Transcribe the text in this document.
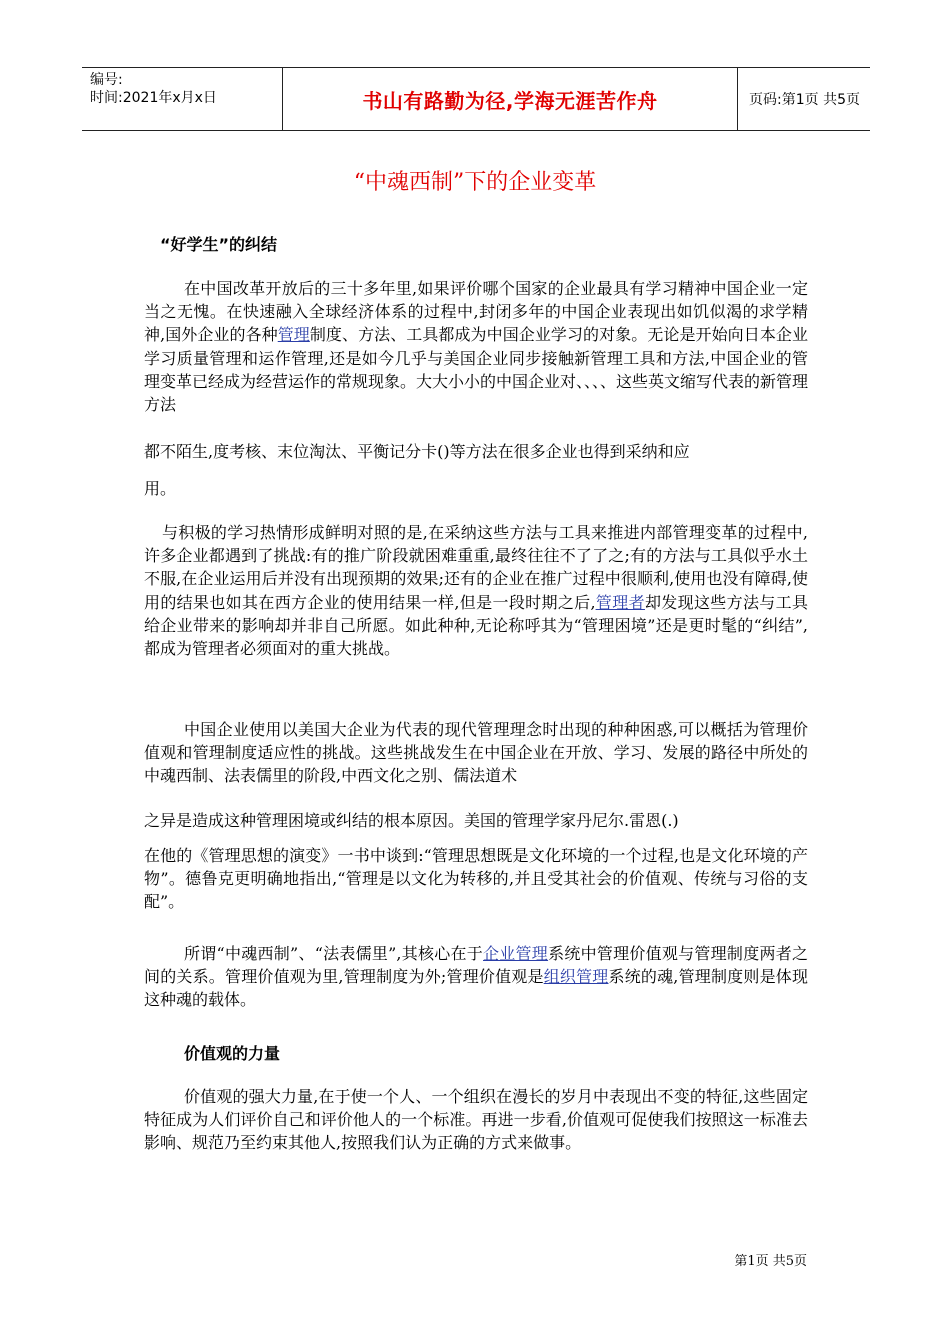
编号:
时间:2021年x月x日	书山有路勤为径,学海无涯苦作舟	页码:第1页 共5页
“中魂西制”下的企业变革
“好学生”的纠结

在中国改革开放后的三十多年里,如果评价哪个国家的企业最具有学习精神中国企业一定当之无愧。在快速融入全球经济体系的过程中,封闭多年的中国企业表现出如饥似渴的求学精神,国外企业的各种管理制度、方法、工具都成为中国企业学习的对象。无论是开始向日本企业学习质量管理和运作管理,还是如今几乎与美国企业同步接触新管理工具和方法,中国企业的管理变革已经成为经营运作的常规现象。大大小小的中国企业对、、、、这些英文缩写代表的新管理方法

都不陌生,度考核、末位淘汰、平衡记分卡()等方法在很多企业也得到采纳和应

用。

与积极的学习热情形成鲜明对照的是,在采纳这些方法与工具来推进内部管理变革的过程中,许多企业都遇到了挑战:有的推广阶段就困难重重,最终往往不了了之;有的方法与工具似乎水土不服,在企业运用后并没有出现预期的效果;还有的企业在推广过程中很顺利,使用也没有障碍,使用的结果也如其在西方企业的使用结果一样,但是一段时期之后,管理者却发现这些方法与工具给企业带来的影响却并非自己所愿。如此种种,无论称呼其为“管理困境”还是更时髦的“纠结”,都成为管理者必须面对的重大挑战。

中国企业使用以美国大企业为代表的现代管理理念时出现的种种困惑,可以概括为管理价值观和管理制度适应性的挑战。这些挑战发生在中国企业在开放、学习、发展的路径中所处的中魂西制、法表儒里的阶段,中西文化之别、儒法道术

之异是造成这种管理困境或纠结的根本原因。美国的管理学家丹尼尔.雷恩(.)

在他的《管理思想的演变》一书中谈到:“管理思想既是文化环境的一个过程,也是文化环境的产物”。德鲁克更明确地指出,“管理是以文化为转移的,并且受其社会的价值观、传统与习俗的支配”。

所谓“中魂西制”、“法表儒里”,其核心在于企业管理系统中管理价值观与管理制度两者之间的关系。管理价值观为里,管理制度为外;管理价值观是组织管理系统的魂,管理制度则是体现这种魂的载体。

价值观的力量

价值观的强大力量,在于使一个人、一个组织在漫长的岁月中表现出不变的特征,这些固定特征成为人们评价自己和评价他人的一个标准。再进一步看,价值观可促使我们按照这一标准去影响、规范乃至约束其他人,按照我们认为正确的方式来做事。

第1页 共5页
